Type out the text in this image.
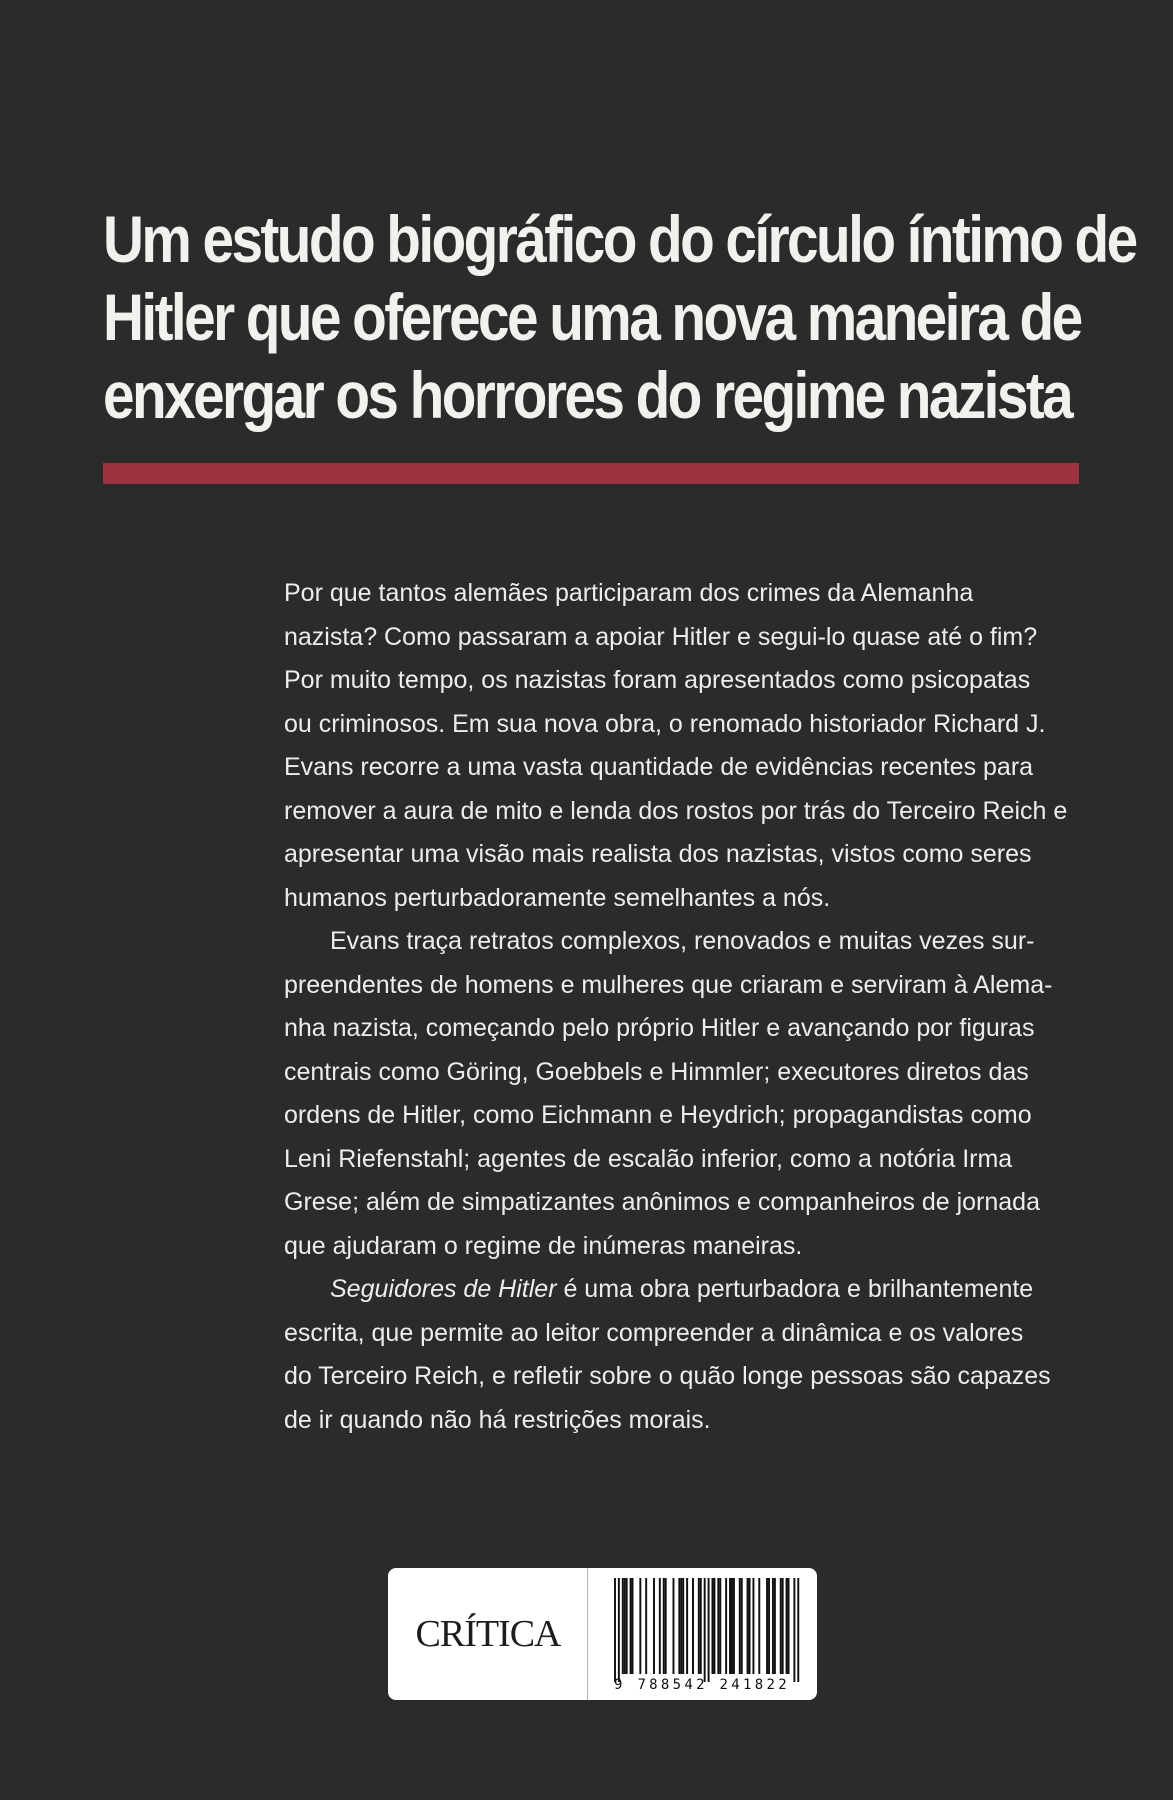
Um estudo biográfico do círculo íntimo de
Hitler que oferece uma nova maneira de
enxergar os horrores do regime nazista

Por que tantos alemães participaram dos crimes da Alemanha
nazista? Como passaram a apoiar Hitler e segui-lo quase até o fim?
Por muito tempo, os nazistas foram apresentados como psicopatas
ou criminosos. Em sua nova obra, o renomado historiador Richard J.
Evans recorre a uma vasta quantidade de evidências recentes para
remover a aura de mito e lenda dos rostos por trás do Terceiro Reich e
apresentar uma visão mais realista dos nazistas, vistos como seres
humanos perturbadoramente semelhantes a nós.

Evans traça retratos complexos, renovados e muitas vezes sur-
preendentes de homens e mulheres que criaram e serviram à Alema-
nha nazista, começando pelo próprio Hitler e avançando por figuras
centrais como Göring, Goebbels e Himmler; executores diretos das
ordens de Hitler, como Eichmann e Heydrich; propagandistas como
Leni Riefenstahl; agentes de escalão inferior, como a notória Irma
Grese; além de simpatizantes anônimos e companheiros de jornada
que ajudaram o regime de inúmeras maneiras.

Seguidores de Hitler é uma obra perturbadora e brilhantemente
escrita, que permite ao leitor compreender a dinâmica e os valores
do Terceiro Reich, e refletir sobre o quão longe pessoas são capazes
de ir quando não há restrições morais.

CRÍTICA
9 788542 241822
